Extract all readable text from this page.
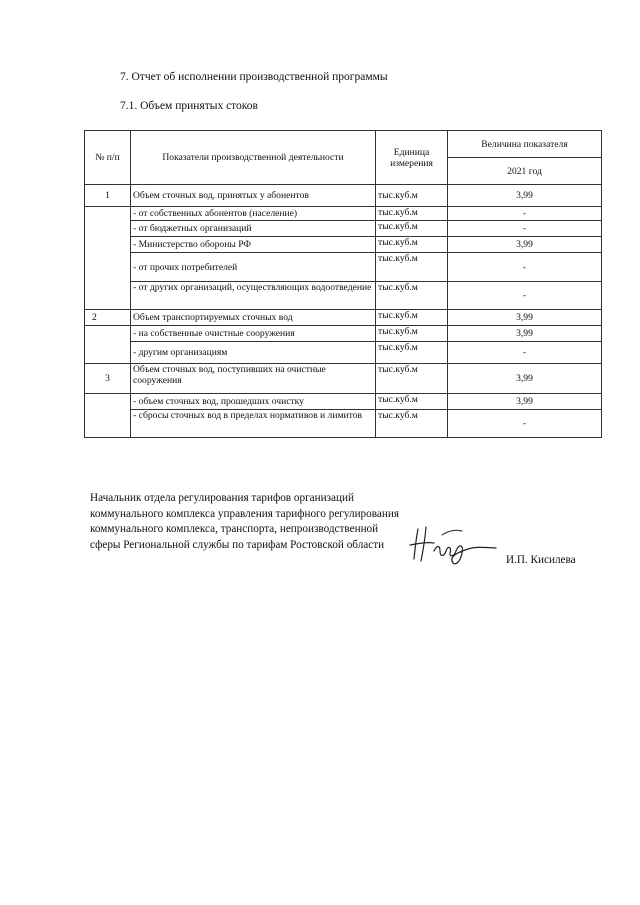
7. Отчет об исполнении производственной программы
7.1. Объем принятых стоков
№ п/п	Показатели производственной деятельности	Единица измерения	Величина показателя
			2021 год
1	Объем сточных вод, принятых у абонентов	тыс.куб.м	3,99
	- от собственных абонентов (население)	тыс.куб.м	-
	- от бюджетных организаций	тыс.куб.м	-
	- Министерство обороны РФ	тыс.куб.м	3,99
	- от прочих потребителей	тыс.куб.м	-
	- от других организаций, осуществляющих водоотведение	тыс.куб.м	-
2	Объем транспортируемых сточных вод	тыс.куб.м	3,99
	- на собственные очистные сооружения	тыс.куб.м	3,99
	- другим организациям	тыс.куб.м	-
3	Объем сточных вод, поступивших на очистные сооружения	тыс.куб.м	3,99
	- объем сточных вод, прошедших очистку	тыс.куб.м	3,99
	- сбросы сточных вод в пределах нормативов и лимитов	тыс.куб.м	-
Начальник отдела регулирования тарифов организаций коммунального комплекса управления тарифного регулирования коммунального комплекса, транспорта, непроизводственной сферы Региональной службы по тарифам Ростовской области
И.П. Кисилева
